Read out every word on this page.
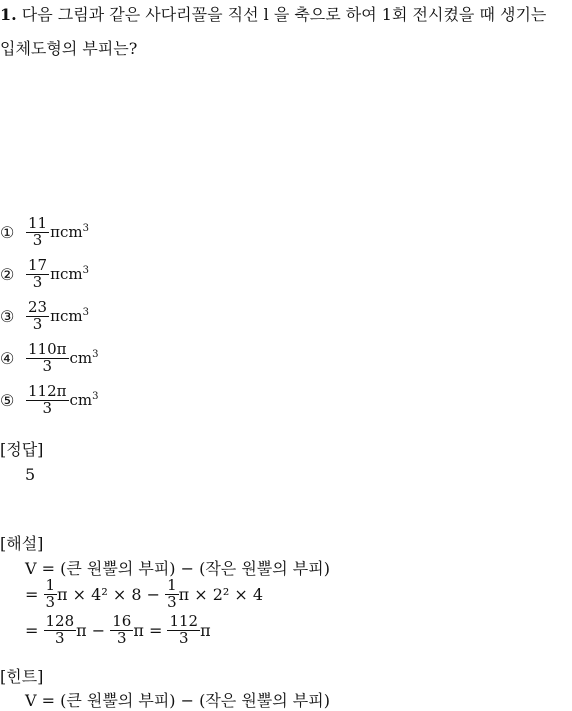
1. 다음 그림과 같은 사다리꼴을 직선 l 을 축으로 하여 1회 전시켰을 때 생기는
입체도형의 부피는?
① $\frac{11}{3} \pi cm^3$
② $\frac{17}{3} \pi cm^3$
③ $\frac{23}{3} \pi cm^3$
④ $\frac{110\pi}{3} cm^3$
⑤ $\frac{112\pi}{3} cm^3$
[정답]
5
[해설]
V = (큰 원뿔의 부피) − (작은 원뿔의 부피)
=
$\frac{1}{3}$ π × 4² × 8 −
$\frac{1}{3}$ π × 2² × 4
=
$\frac{128}{3}$ π −
$\frac{16}{3}$ π =
$\frac{112}{3}$ π
[힌트]
V = (큰 원뿔의 부피) − (작은 원뿔의 부피)
